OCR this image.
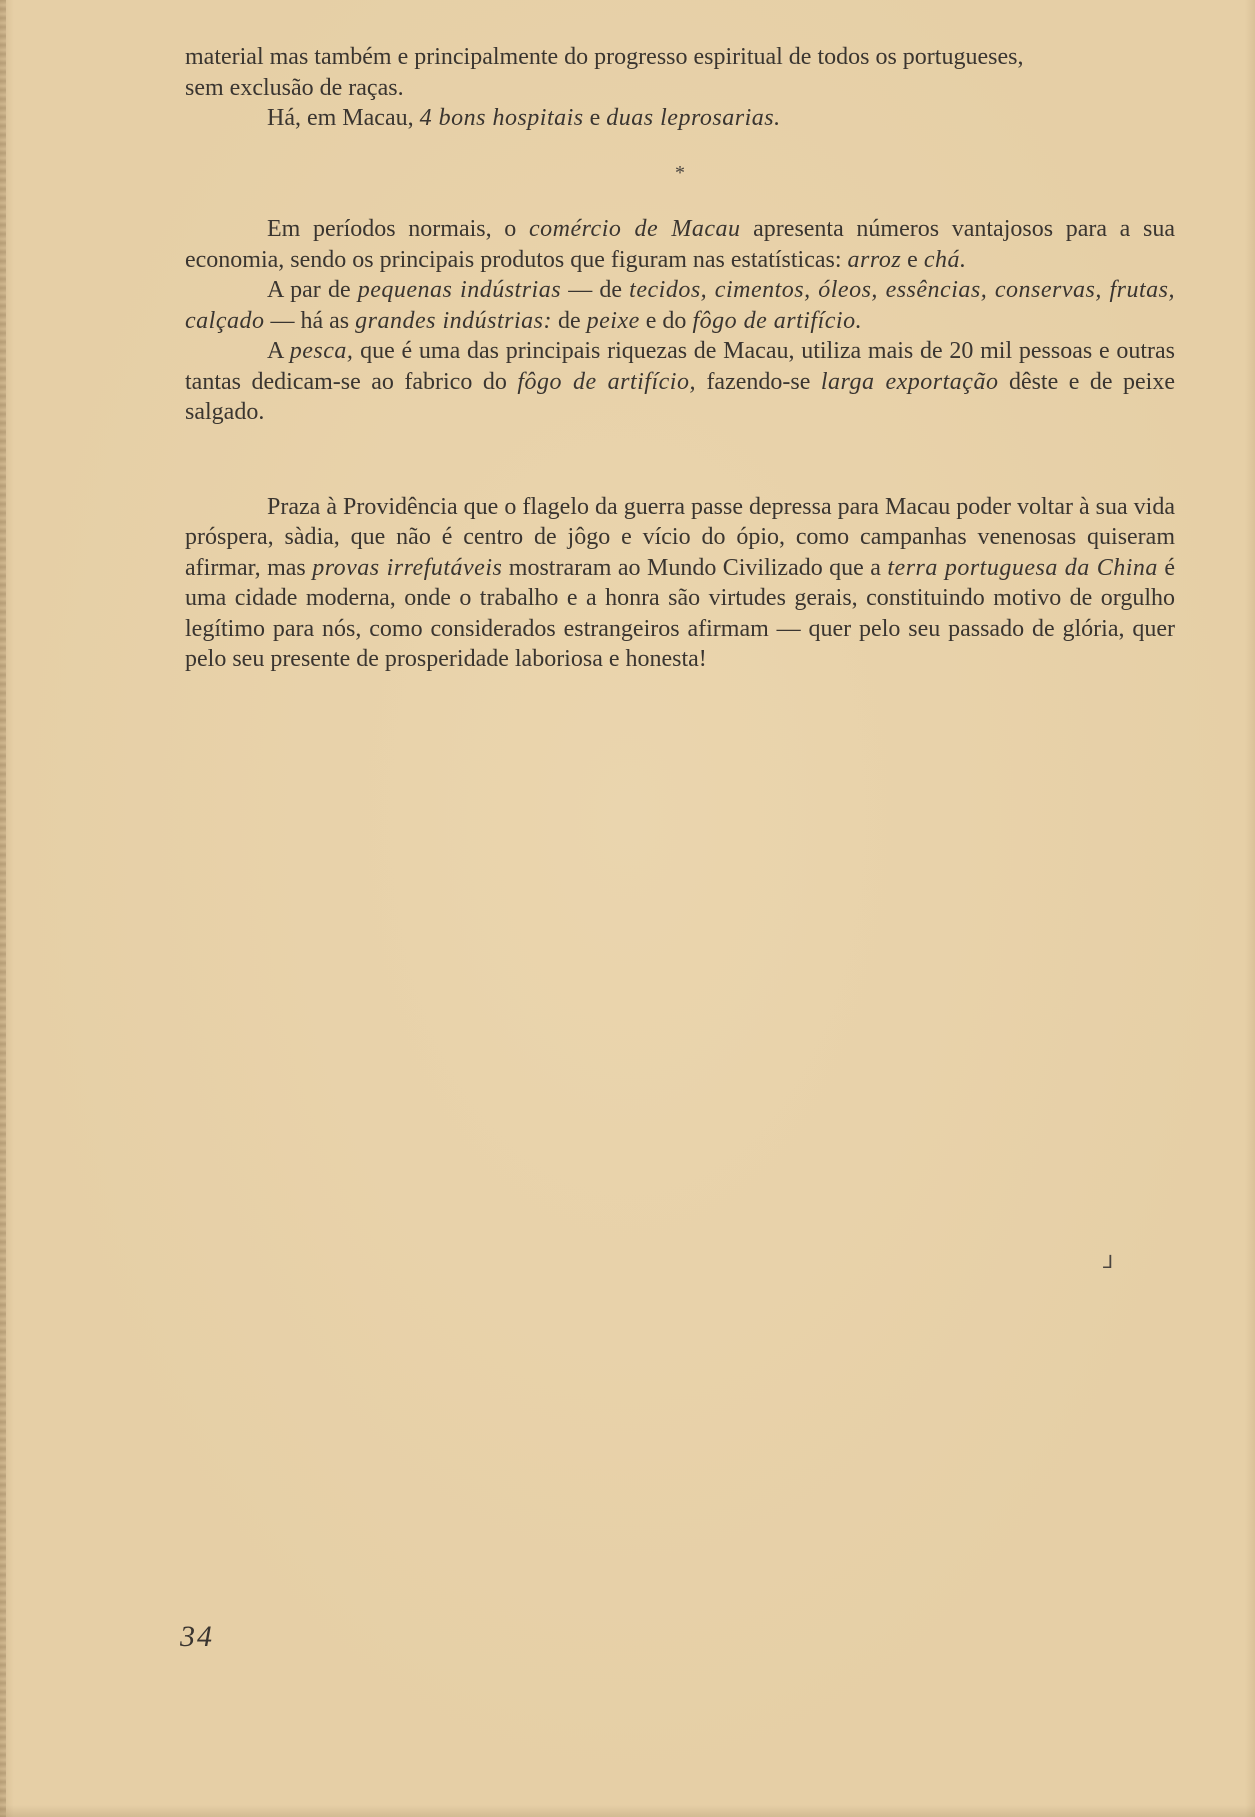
material mas também e principalmente do progresso espiritual de todos os portugueses,
sem exclusão de raças.

Há, em Macau, 4 bons hospitais e duas leprosarias.

*

Em períodos normais, o comércio de Macau apresenta números vantajosos para a sua economia, sendo os principais produtos que figuram nas estatísticas: arroz e chá.

A par de pequenas indústrias — de tecidos, cimentos, óleos, essências, conservas, frutas, calçado — há as grandes indústrias: de peixe e do fôgo de artifício.

A pesca, que é uma das principais riquezas de Macau, utiliza mais de 20 mil pessoas e outras tantas dedicam-se ao fabrico do fôgo de artifício, fazendo-se larga exportação dêste e de peixe salgado.

Praza à Providência que o flagelo da guerra passe depressa para Macau poder voltar à sua vida próspera, sàdia, que não é centro de jôgo e vício do ópio, como campanhas venenosas quiseram afirmar, mas provas irrefutáveis mostraram ao Mundo Civilizado que a terra portuguesa da China é uma cidade moderna, onde o trabalho e a honra são virtudes gerais, constituindo motivo de orgulho legítimo para nós, como considerados estrangeiros afirmam — quer pelo seu passado de glória, quer pelo seu presente de prosperidade laboriosa e honesta!

⅃
34
